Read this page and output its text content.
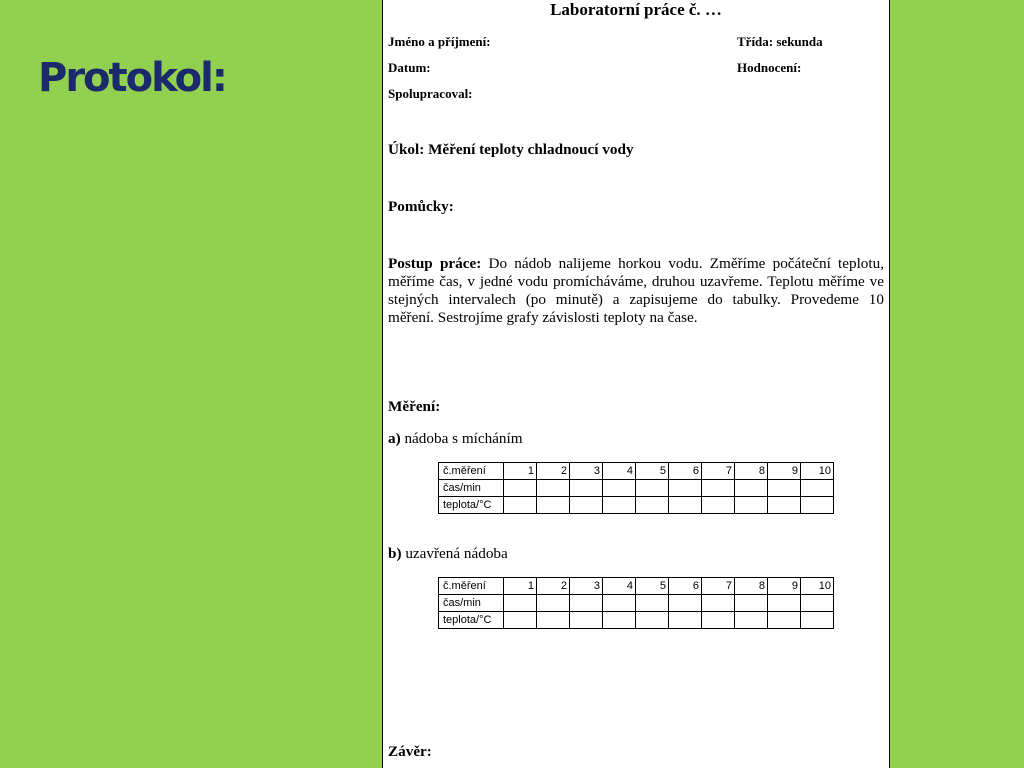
Protokol:
Laboratorní práce č. …
Jméno a příjmení:	Třída: sekunda
Datum:	Hodnocení:
Spolupracoval:
Úkol: Měření teploty chladnoucí vody
Pomůcky:
Postup práce: Do nádob nalijeme horkou vodu. Změříme počáteční teplotu,
měříme čas, v jedné vodu promícháváme, druhou uzavřeme. Teplotu měříme ve
stejných intervalech (po minutě) a zapisujeme do tabulky. Provedeme 10
měření. Sestrojíme grafy závislosti teploty na čase.
Měření:
a) nádoba s mícháním
č.měření	1	2	3	4	5	6	7	8	9	10
čas/min										
teplota/°C										
b) uzavřená nádoba
č.měření	1	2	3	4	5	6	7	8	9	10
čas/min										
teplota/°C										
Závěr:
